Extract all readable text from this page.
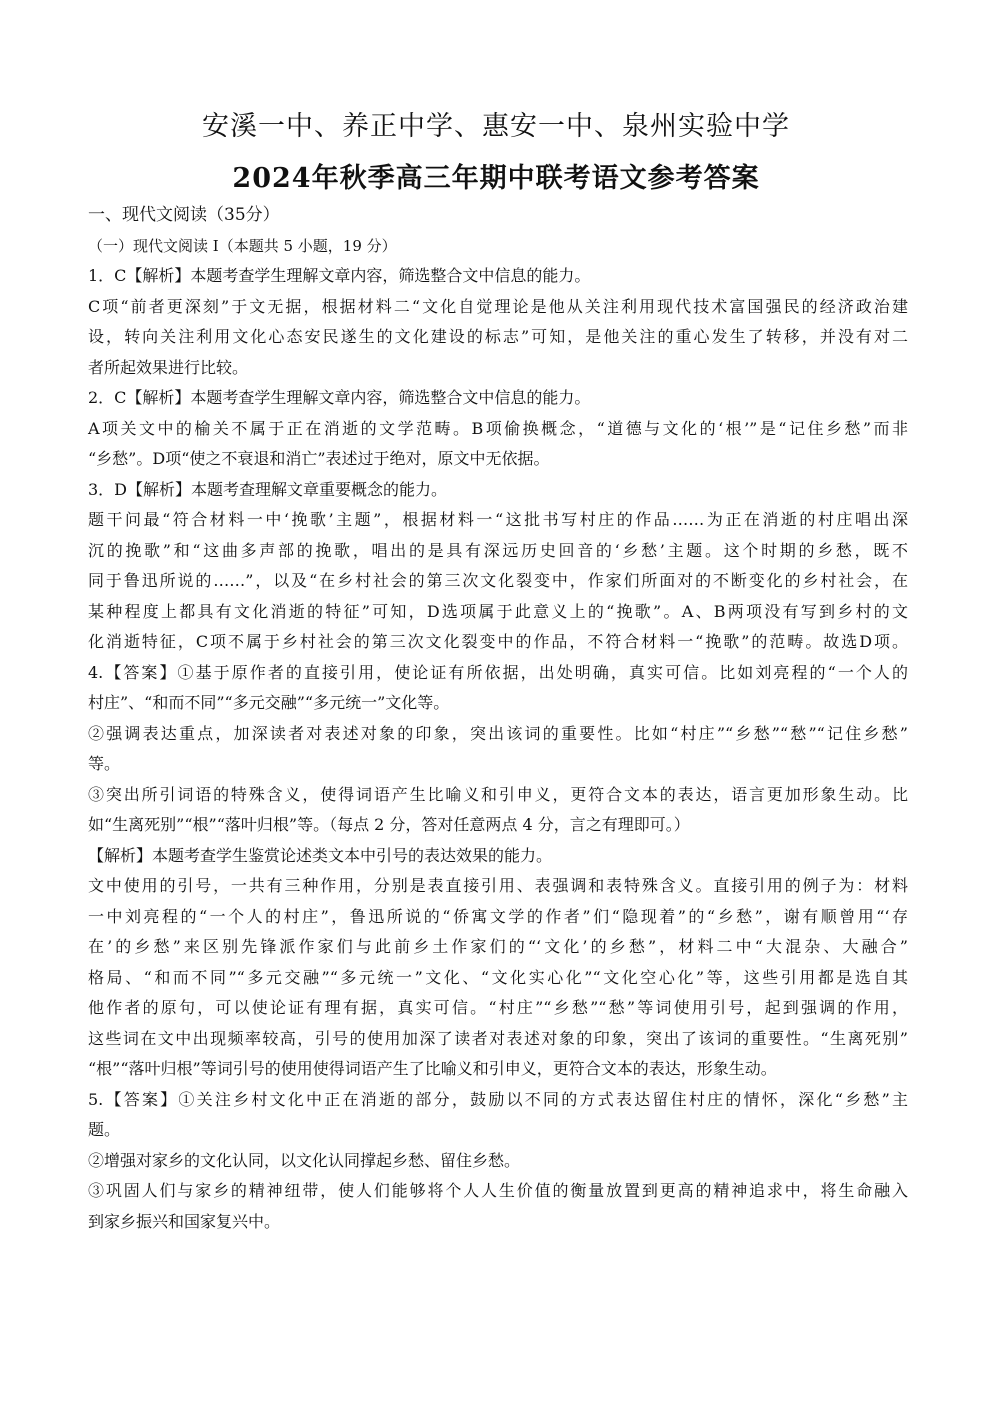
安溪一中、养正中学、惠安一中、泉州实验中学
2024年秋季高三年期中联考语文参考答案
一、现代文阅读（35分）
（一）现代文阅读 I（本题共 5 小题，19 分）
1．C【解析】本题考查学生理解文章内容，筛选整合文中信息的能力。
C项“前者更深刻”于文无据，根据材料二“文化自觉理论是他从关注利用现代技术富国强民的经济政治建
设，转向关注利用文化心态安民遂生的文化建设的标志”可知，是他关注的重心发生了转移，并没有对二
者所起效果进行比较。
2．C【解析】本题考查学生理解文章内容，筛选整合文中信息的能力。
A项关文中的榆关不属于正在消逝的文学范畴。B项偷换概念，“道德与文化的‘根’”是“记住乡愁”而非
“乡愁”。D项“使之不衰退和消亡”表述过于绝对，原文中无依据。
3．D【解析】本题考查理解文章重要概念的能力。
题干问最“符合材料一中‘挽歌’主题”，根据材料一“这批书写村庄的作品……为正在消逝的村庄唱出深
沉的挽歌”和“这曲多声部的挽歌，唱出的是具有深远历史回音的‘乡愁’主题。这个时期的乡愁，既不
同于鲁迅所说的……”，以及“在乡村社会的第三次文化裂变中，作家们所面对的不断变化的乡村社会，在
某种程度上都具有文化消逝的特征”可知，D选项属于此意义上的“挽歌”。A、B两项没有写到乡村的文
化消逝特征，C项不属于乡村社会的第三次文化裂变中的作品，不符合材料一“挽歌”的范畴。故选D项。
4.【答案】①基于原作者的直接引用，使论证有所依据，出处明确，真实可信。比如刘亮程的“一个人的
村庄”、“和而不同”“多元交融”“多元统一”文化等。
②强调表达重点，加深读者对表述对象的印象，突出该词的重要性。比如“村庄”“乡愁”“愁”“记住乡愁”
等。
③突出所引词语的特殊含义，使得词语产生比喻义和引申义，更符合文本的表达，语言更加形象生动。比
如“生离死别”“根”“落叶归根”等。（每点 2 分，答对任意两点 4 分，言之有理即可。）
【解析】本题考查学生鉴赏论述类文本中引号的表达效果的能力。
文中使用的引号，一共有三种作用，分别是表直接引用、表强调和表特殊含义。直接引用的例子为：材料
一中刘亮程的“一个人的村庄”，鲁迅所说的“侨寓文学的作者”们“隐现着”的“乡愁”，谢有顺曾用“‘存
在’的乡愁”来区别先锋派作家们与此前乡土作家们的“‘文化’的乡愁”，材料二中“大混杂、大融合”
格局、“和而不同”“多元交融”“多元统一”文化、“文化实心化”“文化空心化”等，这些引用都是选自其
他作者的原句，可以使论证有理有据，真实可信。“村庄”“乡愁”“愁”等词使用引号，起到强调的作用，
这些词在文中出现频率较高，引号的使用加深了读者对表述对象的印象，突出了该词的重要性。“生离死别”
“根”“落叶归根”等词引号的使用使得词语产生了比喻义和引申义，更符合文本的表达，形象生动。
5.【答案】①关注乡村文化中正在消逝的部分，鼓励以不同的方式表达留住村庄的情怀，深化“乡愁”主
题。
②增强对家乡的文化认同，以文化认同撑起乡愁、留住乡愁。
③巩固人们与家乡的精神纽带，使人们能够将个人人生价值的衡量放置到更高的精神追求中，将生命融入
到家乡振兴和国家复兴中。
